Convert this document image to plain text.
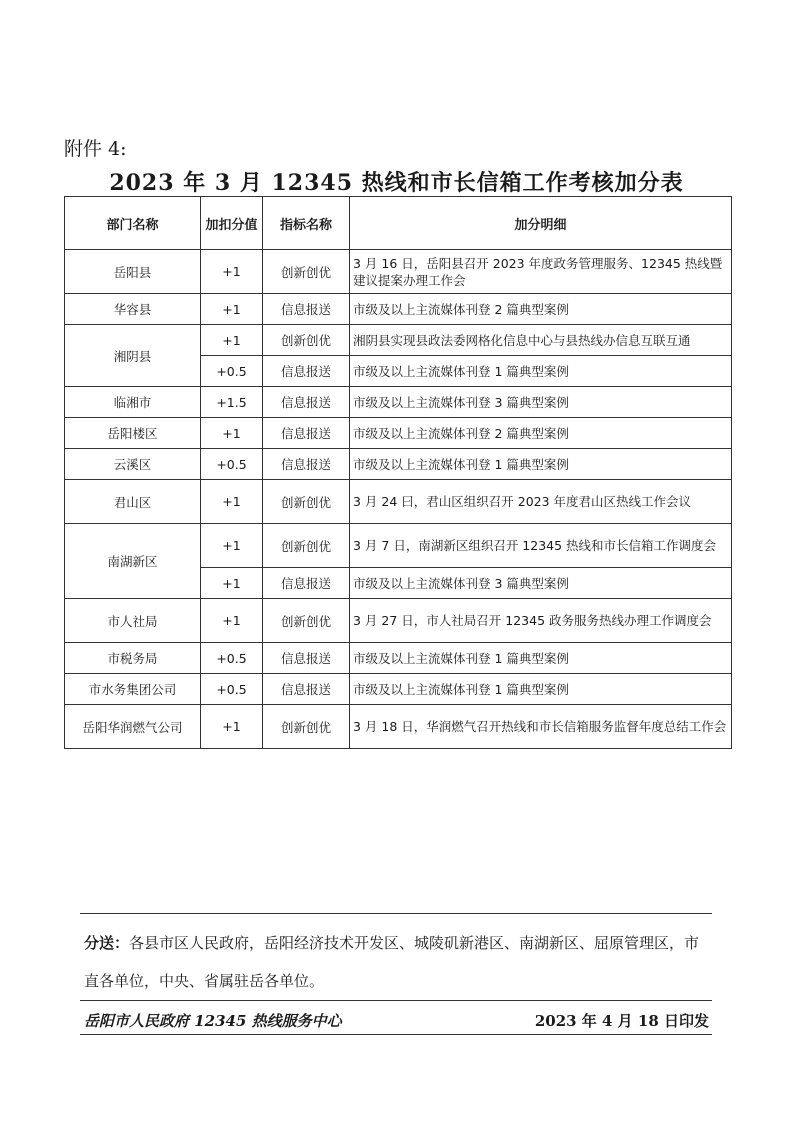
附件 4:
2023 年 3 月 12345 热线和市长信箱工作考核加分表
部门名称	加扣分值	指标名称	加分明细
岳阳县	+1	创新创优	3 月 16 日，岳阳县召开 2023 年度政务管理服务、12345 热线暨建议提案办理工作会
华容县	+1	信息报送	市级及以上主流媒体刊登 2 篇典型案例
湘阴县	+1	创新创优	湘阴县实现县政法委网格化信息中心与县热线办信息互联互通
	+0.5	信息报送	市级及以上主流媒体刊登 1 篇典型案例
临湘市	+1.5	信息报送	市级及以上主流媒体刊登 3 篇典型案例
岳阳楼区	+1	信息报送	市级及以上主流媒体刊登 2 篇典型案例
云溪区	+0.5	信息报送	市级及以上主流媒体刊登 1 篇典型案例
君山区	+1	创新创优	3 月 24 曰，君山区组织召开 2023 年度君山区热线工作会议
南湖新区	+1	创新创优	3 月 7 日，南湖新区组织召开 12345 热线和市长信箱工作调度会
	+1	信息报送	市级及以上主流媒体刊登 3 篇典型案例
市人社局	+1	创新创优	3 月 27 日，市人社局召开 12345 政务服务热线办理工作调度会
市税务局	+0.5	信息报送	市级及以上主流媒体刊登 1 篇典型案例
市水务集团公司	+0.5	信息报送	市级及以上主流媒体刊登 1 篇典型案例
岳阳华润燃气公司	+1	创新创优	3 月 18 日，华润燃气召开热线和市长信箱服务监督年度总结工作会
分送：各县市区人民政府，岳阳经济技术开发区、城陵矶新港区、南湖新区、屈原管理区，市直各单位，中央、省属驻岳各单位。
岳阳市人民政府 12345 热线服务中心	2023 年 4 月 18 日印发
